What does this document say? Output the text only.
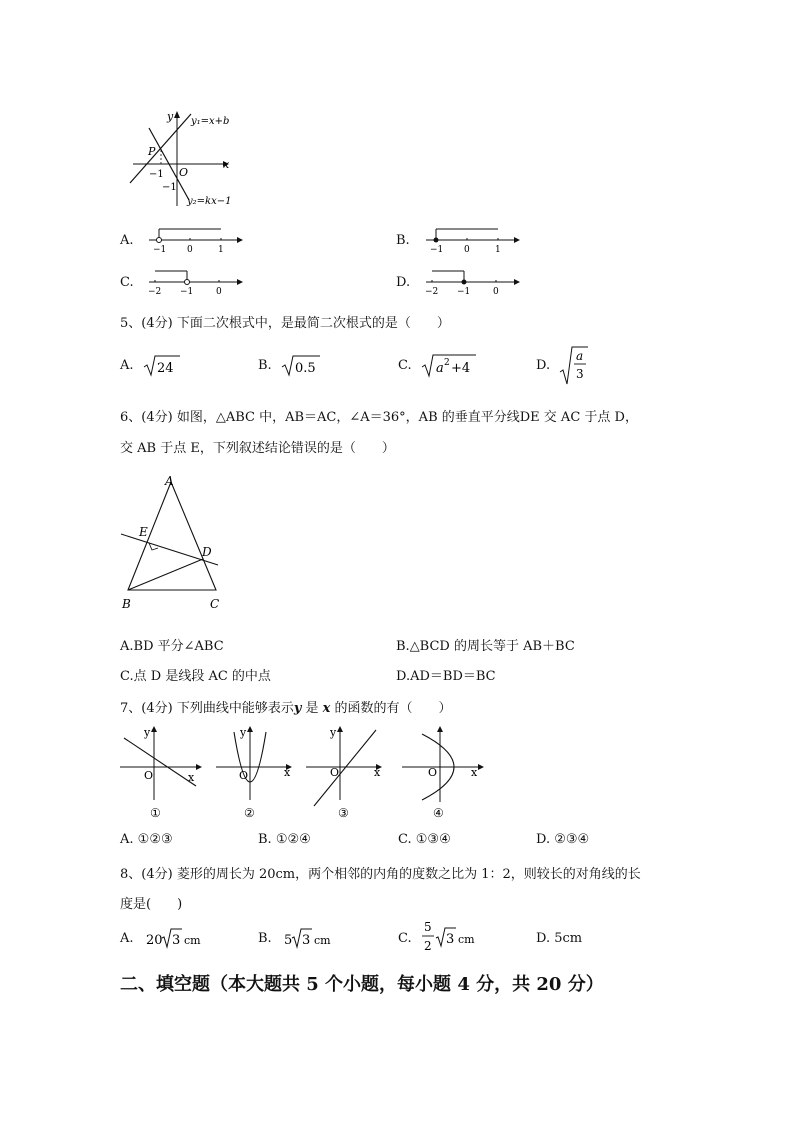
y
x
y₁=x+b
y₂=kx−1
P
O
−1
−1
A.
−1 0	1
B.
−1 0	1
C.
−2 −1	0
D.
−2 −1	0
5、(4分) 下面二次根式中，是最简二次根式的是（　　）
A. 24	B. 0.5	C. a 2 +4	D.
a
3
6、(4分) 如图，△ABC 中，AB＝AC，∠A＝36°，AB 的垂直平分线DE 交 AC 于点 D，
交 AB 于点 E，下列叙述结论错误的是（　　）
A
B	C
D
E
A.BD 平分∠ABC	B.△BCD 的周长等于 AB＋BC
C.点 D 是线段 AC 的中点	D.AD＝BD＝BC
7、(4分) 下列曲线中能够表示y 是 x 的函数的有（　　）
y
x
O
①
y
x
O
②
y
x
O
③
O	x
④
A. ①②③	B. ①②④	C. ①③④	D. ②③④
8、(4分) 菱形的周长为 20cm，两个相邻的内角的度数之比为 1：2，则较长的对角线的长
度是(　　)
A. 20 3 cm	B. 5 3 cm	C.
5
2 3 cm	D. 5cm
二、填空题（本大题共 5 个小题，每小题 4 分，共 20 分）
